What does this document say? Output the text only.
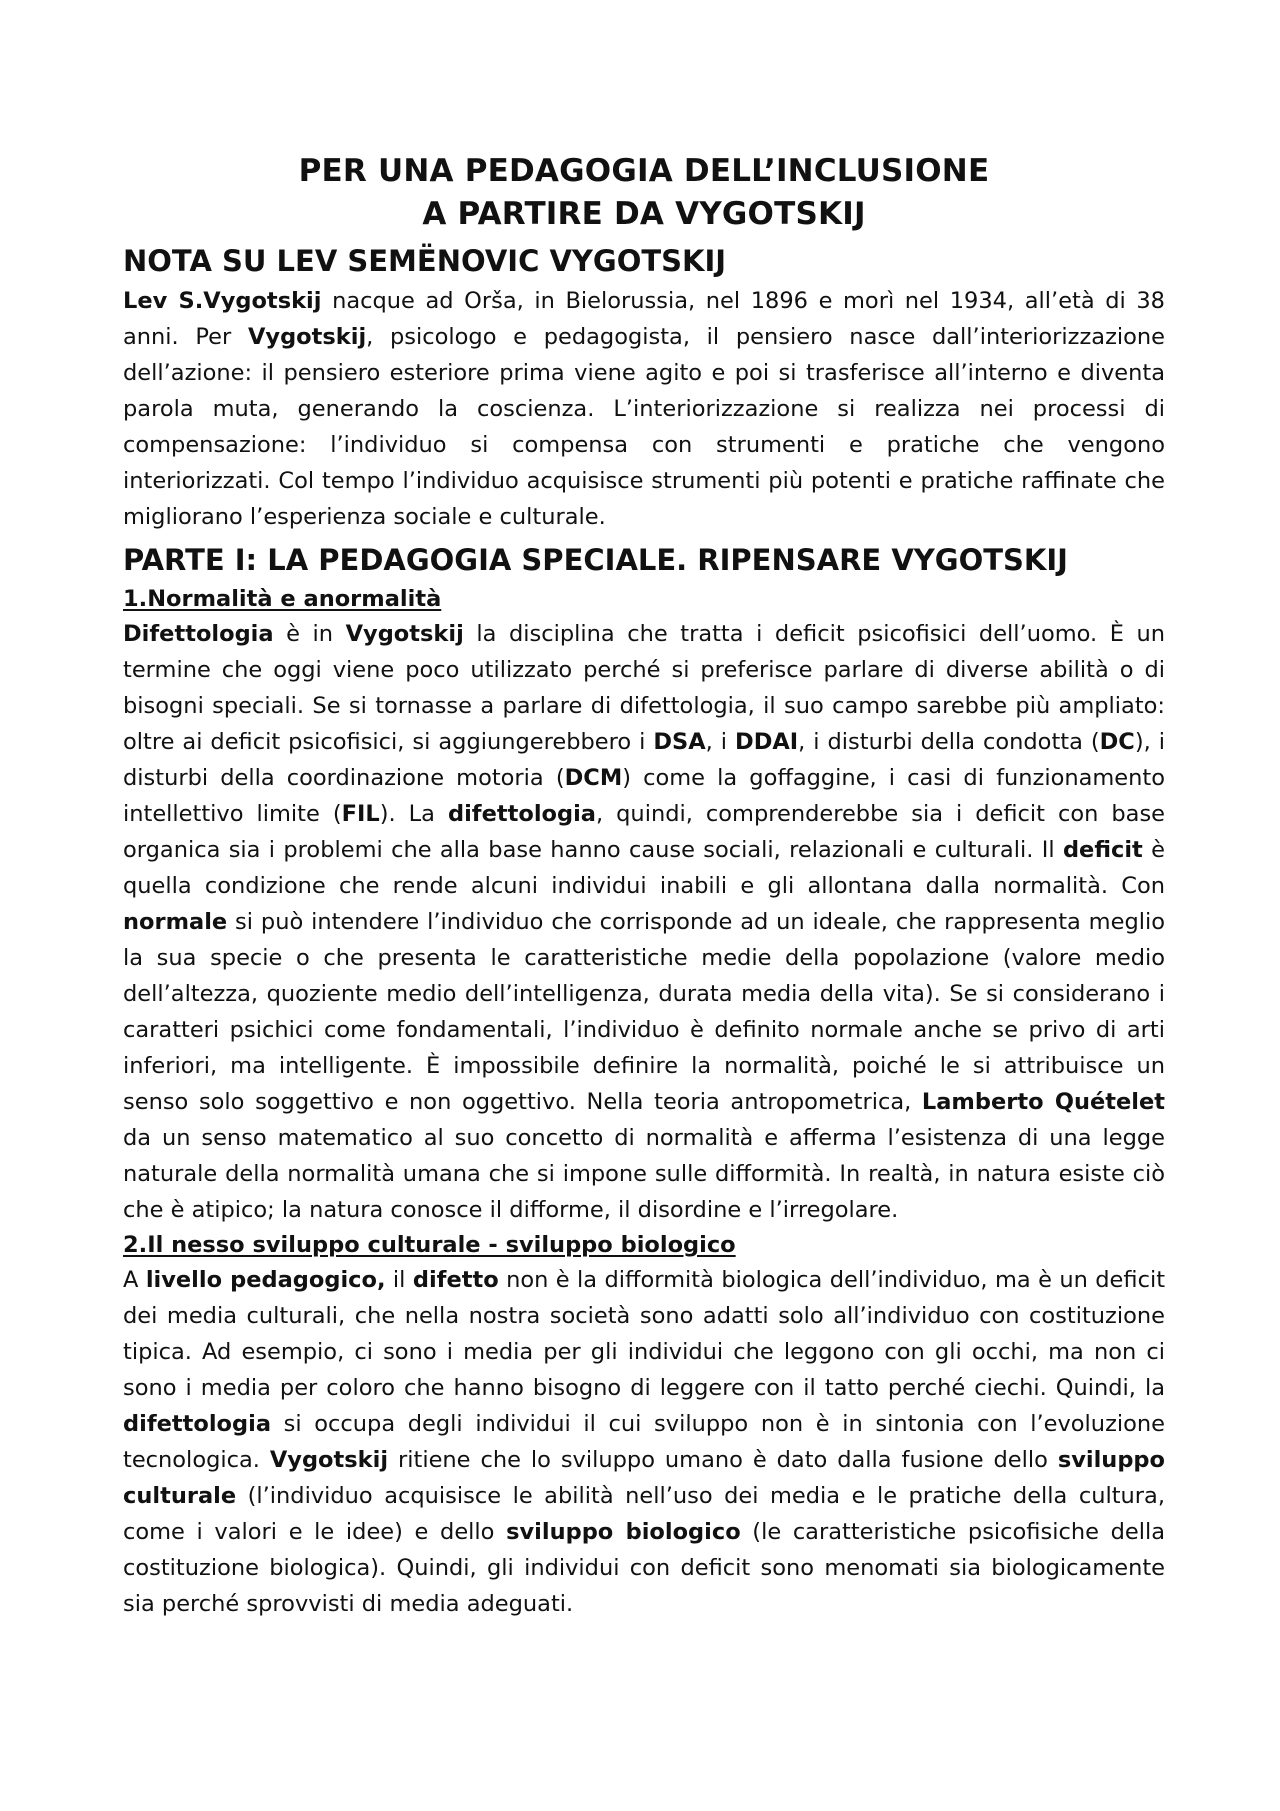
PER UNA PEDAGOGIA DELL’INCLUSIONE
A PARTIRE DA VYGOTSKIJ
NOTA SU LEV SEMËNOVIC VYGOTSKIJ

Lev S.Vygotskij nacque ad Orša, in Bielorussia, nel 1896 e morì nel 1934, all’età di 38 anni. Per Vygotskij, psicologo e pedagogista, il pensiero nasce dall’interiorizzazione dell’azione: il pensiero esteriore prima viene agito e poi si trasferisce all’interno e diventa parola muta, generando la coscienza. L’interiorizzazione si realizza nei processi di compensazione: l’individuo si compensa con strumenti e pratiche che vengono interiorizzati. Col tempo l’individuo acquisisce strumenti più potenti e pratiche raffinate che migliorano l’esperienza sociale e culturale.

PARTE I: LA PEDAGOGIA SPECIALE. RIPENSARE VYGOTSKIJ
1.Normalità e anormalità

Difettologia è in Vygotskij la disciplina che tratta i deficit psicofisici dell’uomo. È un termine che oggi viene poco utilizzato perché si preferisce parlare di diverse abilità o di bisogni speciali. Se si tornasse a parlare di difettologia, il suo campo sarebbe più ampliato: oltre ai deficit psicofisici, si aggiungerebbero i DSA, i DDAI, i disturbi della condotta (DC), i disturbi della coordinazione motoria (DCM) come la goffaggine, i casi di funzionamento intellettivo limite (FIL). La difettologia, quindi, comprenderebbe sia i deficit con base organica sia i problemi che alla base hanno cause sociali, relazionali e culturali. Il deficit è quella condizione che rende alcuni individui inabili e gli allontana dalla normalità. Con normale si può intendere l’individuo che corrisponde ad un ideale, che rappresenta meglio la sua specie o che presenta le caratteristiche medie della popolazione (valore medio dell’altezza, quoziente medio dell’intelligenza, durata media della vita). Se si considerano i caratteri psichici come fondamentali, l’individuo è definito normale anche se privo di arti inferiori, ma intelligente. È impossibile definire la normalità, poiché le si attribuisce un senso solo soggettivo e non oggettivo. Nella teoria antropometrica, Lamberto Quételet da un senso matematico al suo concetto di normalità e afferma l’esistenza di una legge naturale della normalità umana che si impone sulle difformità. In realtà, in natura esiste ciò che è atipico; la natura conosce il difforme, il disordine e l’irregolare.

2.Il nesso sviluppo culturale - sviluppo biologico

A livello pedagogico, il difetto non è la difformità biologica dell’individuo, ma è un deficit dei media culturali, che nella nostra società sono adatti solo all’individuo con costituzione tipica. Ad esempio, ci sono i media per gli individui che leggono con gli occhi, ma non ci sono i media per coloro che hanno bisogno di leggere con il tatto perché ciechi. Quindi, la difettologia si occupa degli individui il cui sviluppo non è in sintonia con l’evoluzione tecnologica. Vygotskij ritiene che lo sviluppo umano è dato dalla fusione dello sviluppo culturale (l’individuo acquisisce le abilità nell’uso dei media e le pratiche della cultura, come i valori e le idee) e dello sviluppo biologico (le caratteristiche psicofisiche della costituzione biologica). Quindi, gli individui con deficit sono menomati sia biologicamente sia perché sprovvisti di media adeguati.
